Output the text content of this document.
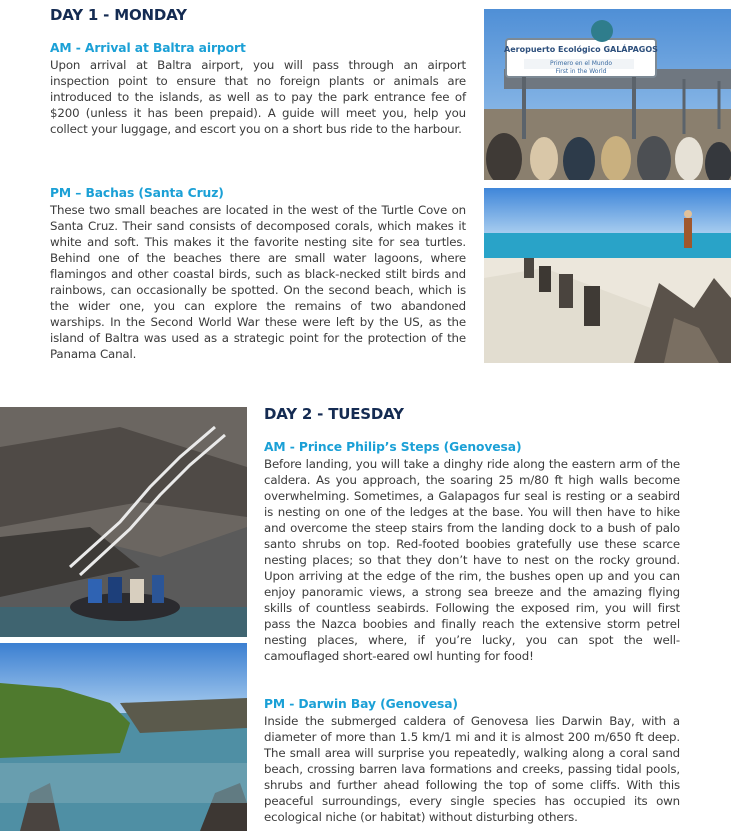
DAY 1 - MONDAY
AM - Arrival at Baltra airport

Upon arrival at Baltra airport, you will pass through an airport inspection point to ensure that no foreign plants or animals are introduced to the islands, as well as to pay the park entrance fee of $200 (unless it has been prepaid). A guide will meet you, help you collect your luggage, and escort you on a short bus ride to the harbour.

PM – Bachas (Santa Cruz)

These two small beaches are located in the west of the Turtle Cove on Santa Cruz. Their sand consists of decomposed corals, which makes it white and soft. This makes it the favorite nesting site for sea turtles. Behind one of the beaches there are small water lagoons, where flamingos and other coastal birds, such as black-necked stilt birds and rainbows, can occasionally be spotted. On the second beach, which is the wider one, you can explore the remains of two abandoned warships. In the Second World War these were left by the US, as the island of Baltra was used as a strategic point for the protection of the Panama Canal.

Aeropuerto Ecológico GALÁPAGOS
Primero en el Mundo
First in the World
DAY 2 - TUESDAY
AM - Prince Philip’s Steps (Genovesa)

Before landing, you will take a dinghy ride along the eastern arm of the caldera. As you approach, the soaring 25 m/80 ft high walls become overwhelming. Sometimes, a Galapagos fur seal is resting or a seabird is nesting on one of the ledges at the base. You will then have to hike and overcome the steep stairs from the landing dock to a bush of palo santo shrubs on top. Red-footed boobies gratefully use these scarce nesting places; so that they don’t have to nest on the rocky ground. Upon arriving at the edge of the rim, the bushes open up and you can enjoy panoramic views, a strong sea breeze and the amazing flying skills of countless seabirds. Following the exposed rim, you will first pass the Nazca boobies and finally reach the extensive storm petrel nesting places, where, if you’re lucky, you can spot the well-camouflaged short-eared owl hunting for food!

PM - Darwin Bay (Genovesa)

Inside the submerged caldera of Genovesa lies Darwin Bay, with a diameter of more than 1.5 km/1 mi and it is almost 200 m/650 ft deep. The small area will surprise you repeatedly, walking along a coral sand beach, crossing barren lava formations and creeks, passing tidal pools, shrubs and further ahead following the top of some cliffs. With this peaceful surroundings, every single species has occupied its own ecological niche (or habitat) without disturbing others.
